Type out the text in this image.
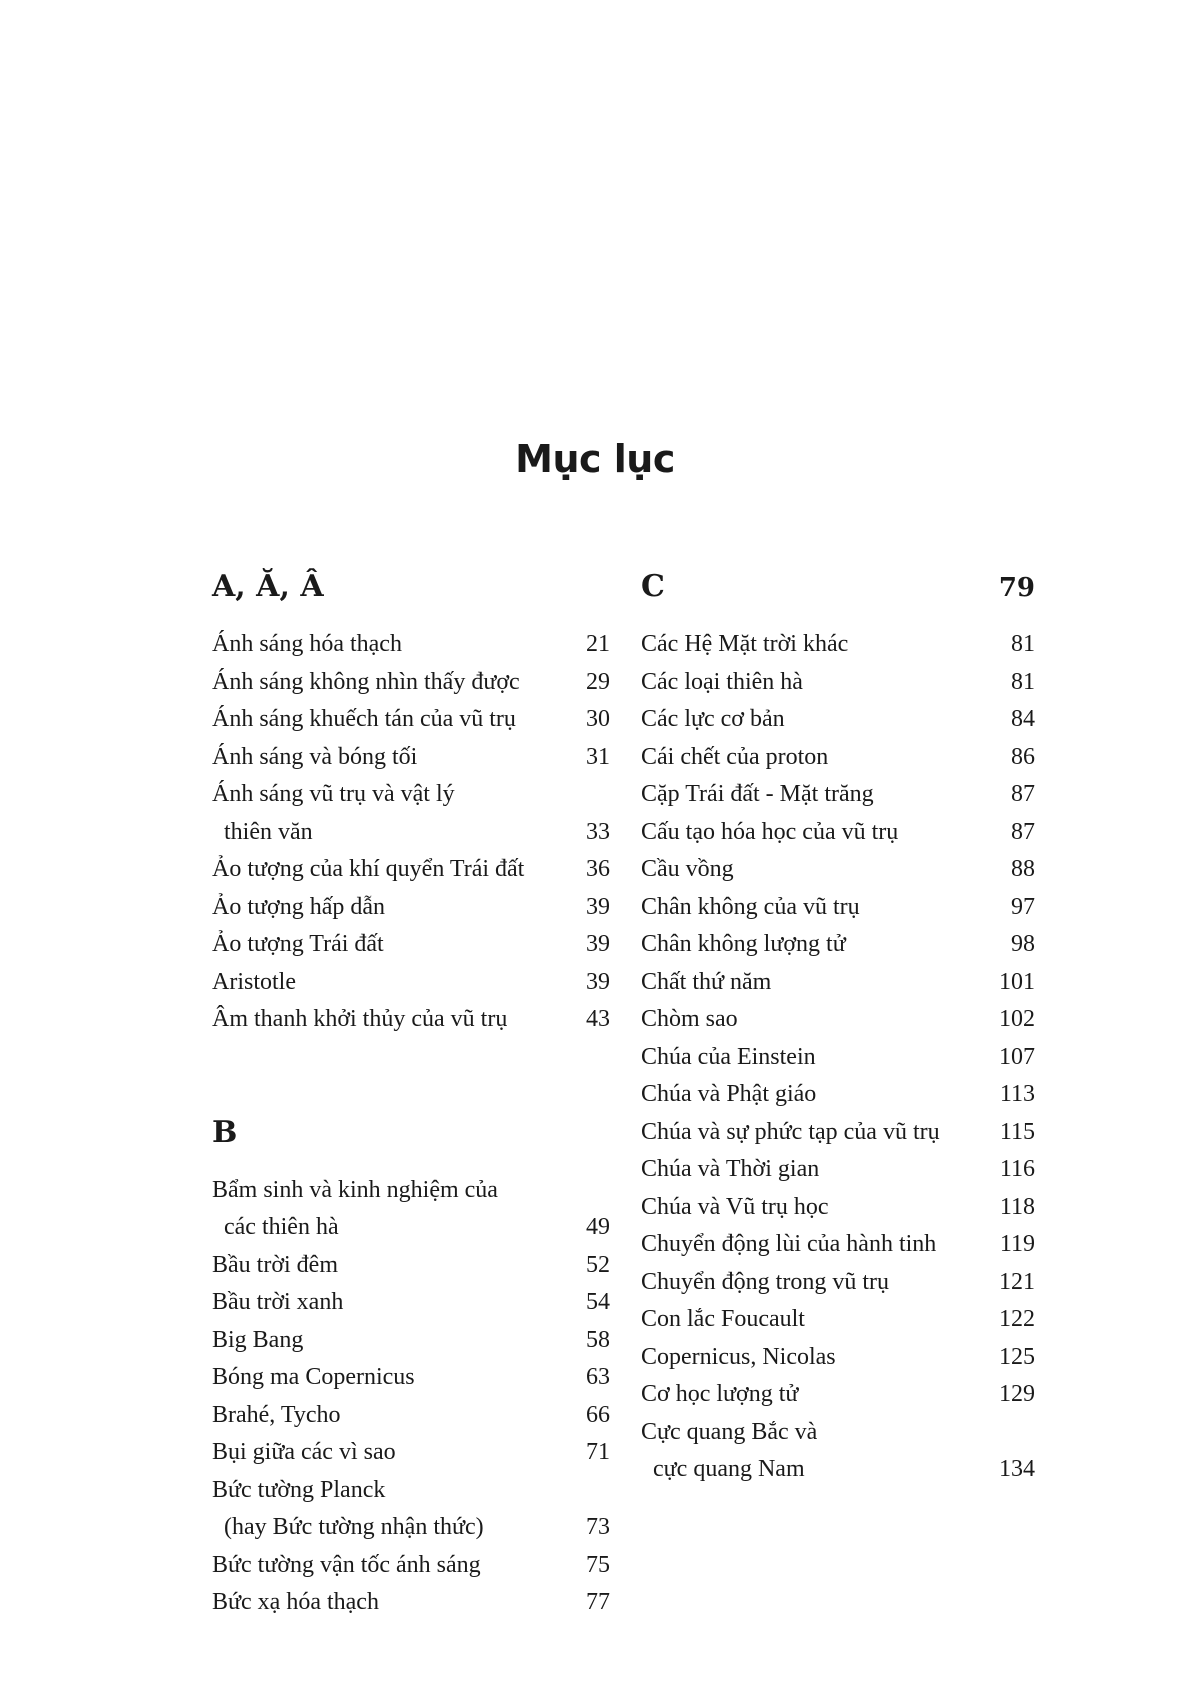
Mục lục
A, Ă, Â
Ánh sáng hóa thạch	21
Ánh sáng không nhìn thấy được	29
Ánh sáng khuếch tán của vũ trụ	30
Ánh sáng và bóng tối	31
Ánh sáng vũ trụ và vật lý
thiên văn	33
Ảo tượng của khí quyển Trái đất	36
Ảo tượng hấp dẫn	39
Ảo tượng Trái đất	39
Aristotle	39
Âm thanh khởi thủy của vũ trụ	43
B
Bẩm sinh và kinh nghiệm của
các thiên hà	49
Bầu trời đêm	52
Bầu trời xanh	54
Big Bang	58
Bóng ma Copernicus	63
Brahé, Tycho	66
Bụi giữa các vì sao	71
Bức tường Planck
(hay Bức tường nhận thức)	73
Bức tường vận tốc ánh sáng	75
Bức xạ hóa thạch	77
C	79
Các Hệ Mặt trời khác	81
Các loại thiên hà	81
Các lực cơ bản	84
Cái chết của proton	86
Cặp Trái đất - Mặt trăng	87
Cấu tạo hóa học của vũ trụ	87
Cầu vồng	88
Chân không của vũ trụ	97
Chân không lượng tử	98
Chất thứ năm	101
Chòm sao	102
Chúa của Einstein	107
Chúa và Phật giáo	113
Chúa và sự phức tạp của vũ trụ	115
Chúa và Thời gian	116
Chúa và Vũ trụ học	118
Chuyển động lùi của hành tinh	119
Chuyển động trong vũ trụ	121
Con lắc Foucault	122
Copernicus, Nicolas	125
Cơ học lượng tử	129
Cực quang Bắc và
cực quang Nam	134
